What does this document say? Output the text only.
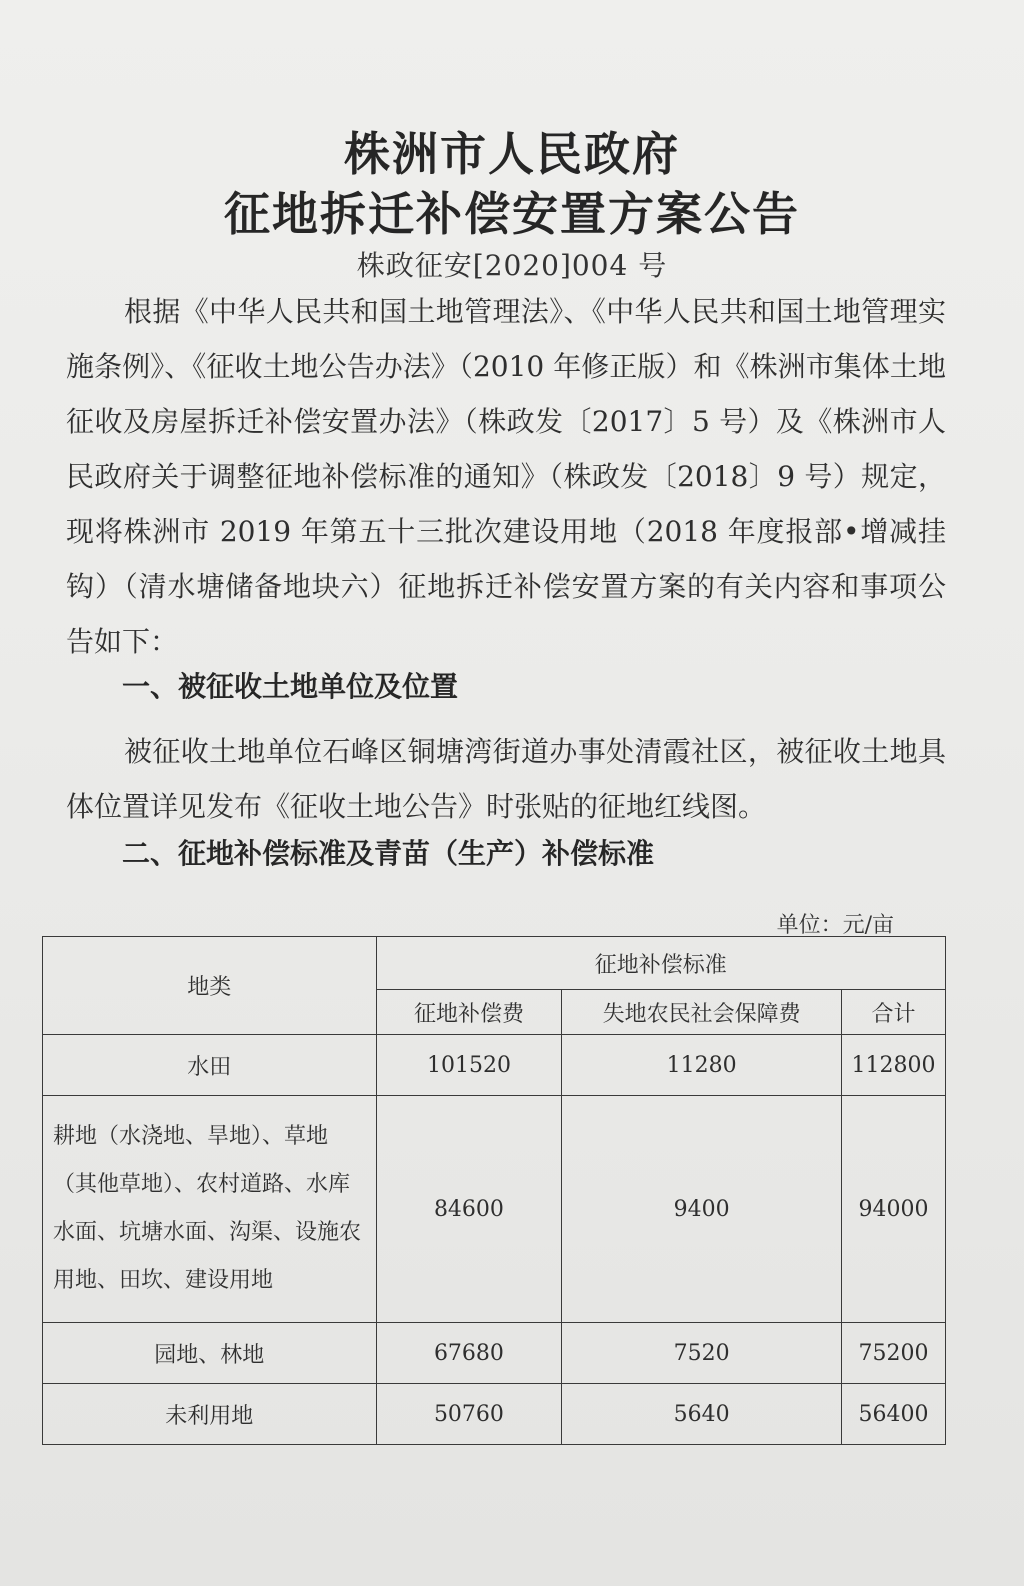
株洲市人民政府
征地拆迁补偿安置方案公告
株政征安[2020]004 号

根据《中华人民共和国土地管理法》、《中华人民共和国土地管理实施条例》、《征收土地公告办法》（2010 年修正版）和《株洲市集体土地征收及房屋拆迁补偿安置办法》（株政发〔2017〕5 号）及《株洲市人民政府关于调整征地补偿标准的通知》（株政发〔2018〕9 号）规定，现将株洲市 2019 年第五十三批次建设用地（2018 年度报部•增减挂钩）（清水塘储备地块六）征地拆迁补偿安置方案的有关内容和事项公告如下：

一、被征收土地单位及位置

被征收土地单位石峰区铜塘湾街道办事处清霞社区，被征收土地具体位置详见发布《征收土地公告》时张贴的征地红线图。

二、征地补偿标准及青苗（生产）补偿标准

单位：元/亩
地类	征地补偿标准		
	征地补偿费	失地农民社会保障费	合计
水田	101520	11280	112800
耕地（水浇地、旱地）、草地（其他草地）、农村道路、水库水面、坑塘水面、沟渠、设施农用地、田坎、建设用地	84600	9400	94000
园地、林地	67680	7520	75200
未利用地	50760	5640	56400
